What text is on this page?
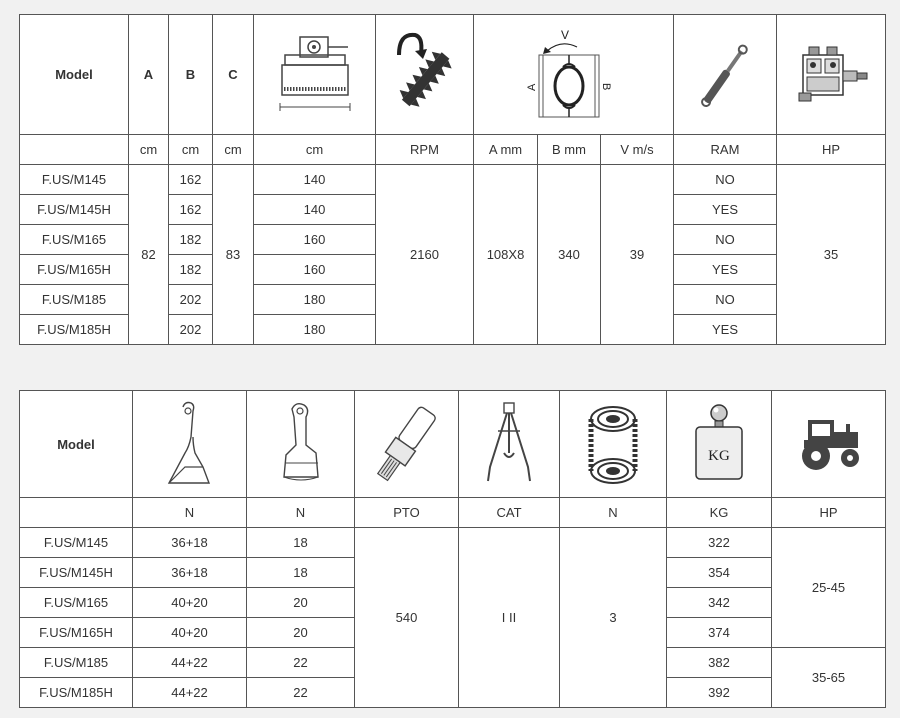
Model	A	B	C			V
A B

	cm	cm	cm	cm	RPM	A mm	B mm	V m/s	RAM	HP
F.US/M145	82	162	83	140	2160	108X8	340	39	NO	35
F.US/M145H		162		140					YES	
F.US/M165		182		160					NO	
F.US/M165H		182		160					YES	
F.US/M185		202		180					NO	
F.US/M185H		202		180					YES	
Model						KG

	N	N	PTO	CAT	N	KG	HP
F.US/M145	36+18	18	540	I II	3	322	25-45
F.US/M145H	36+18	18				354	
F.US/M165	40+20	20				342	
F.US/M165H	40+20	20				374	
F.US/M185	44+22	22				382	35-65
F.US/M185H	44+22	22				392	
